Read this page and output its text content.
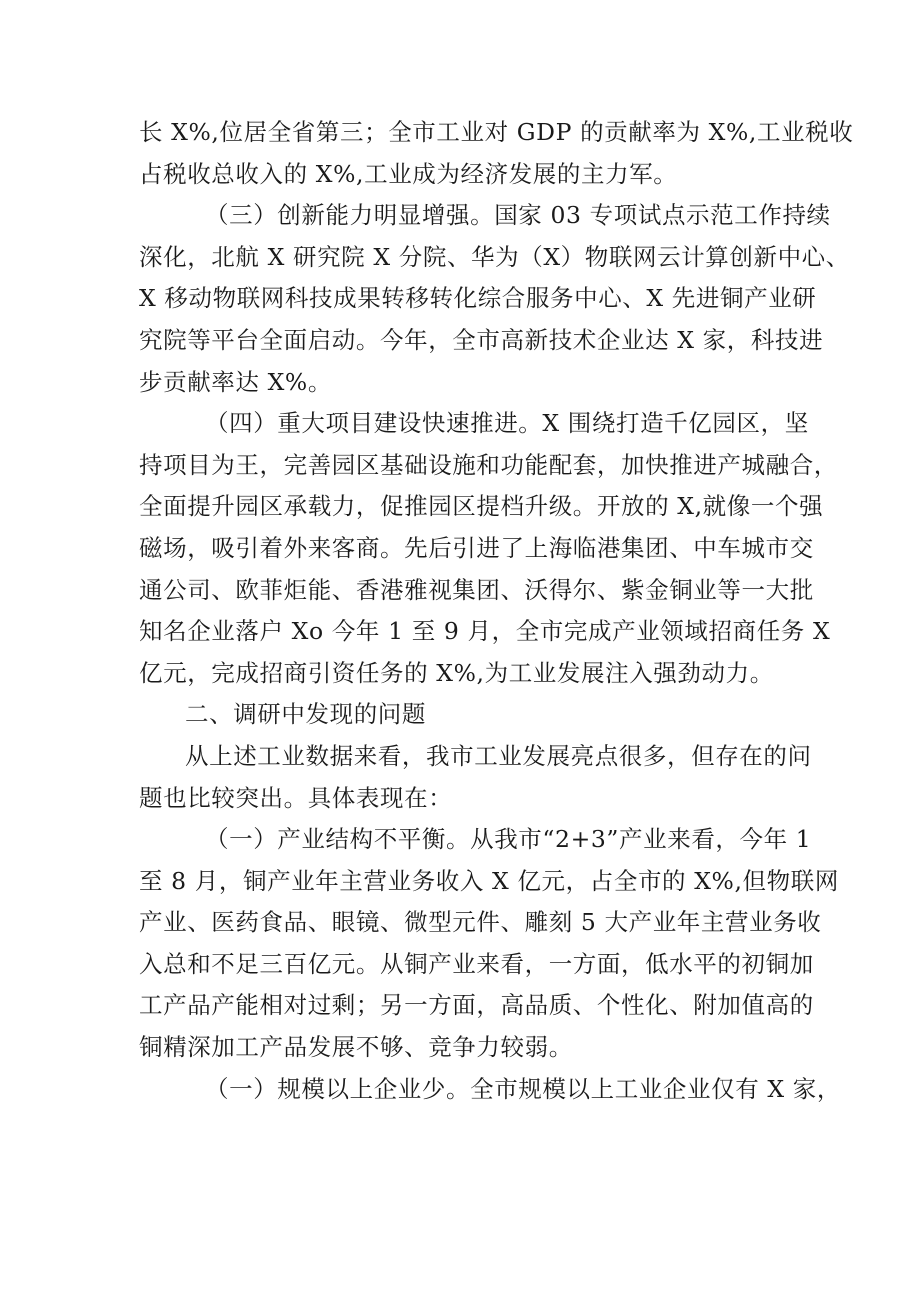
长 X%,位居全省第三；全市工业对 GDP 的贡献率为 X%,工业税收
占税收总收入的 X%,工业成为经济发展的主力军。
（三）创新能力明显增强。国家 03 专项试点示范工作持续
深化，北航 X 研究院 X 分院、华为（X）物联网云计算创新中心、
X 移动物联网科技成果转移转化综合服务中心、X 先进铜产业研
究院等平台全面启动。今年，全市高新技术企业达 X 家，科技进
步贡献率达 X%。
（四）重大项目建设快速推进。X 围绕打造千亿园区，坚
持项目为王，完善园区基础设施和功能配套，加快推进产城融合，
全面提升园区承载力，促推园区提档升级。开放的 X,就像一个强
磁场，吸引着外来客商。先后引进了上海临港集团、中车城市交
通公司、欧菲炬能、香港雅视集团、沃得尔、紫金铜业等一大批
知名企业落户 Xo 今年 1 至 9 月，全市完成产业领域招商任务 X
亿元，完成招商引资任务的 X%,为工业发展注入强劲动力。
二、调研中发现的问题
从上述工业数据来看，我市工业发展亮点很多，但存在的问
题也比较突出。具体表现在：
（一）产业结构不平衡。从我市“2+3”产业来看，今年 1
至 8 月，铜产业年主营业务收入 X 亿元，占全市的 X%,但物联网
产业、医药食品、眼镜、微型元件、雕刻 5 大产业年主营业务收
入总和不足三百亿元。从铜产业来看，一方面，低水平的初铜加
工产品产能相对过剩；另一方面，高品质、个性化、附加值高的
铜精深加工产品发展不够、竞争力较弱。
（一）规模以上企业少。全市规模以上工业企业仅有 X 家，
